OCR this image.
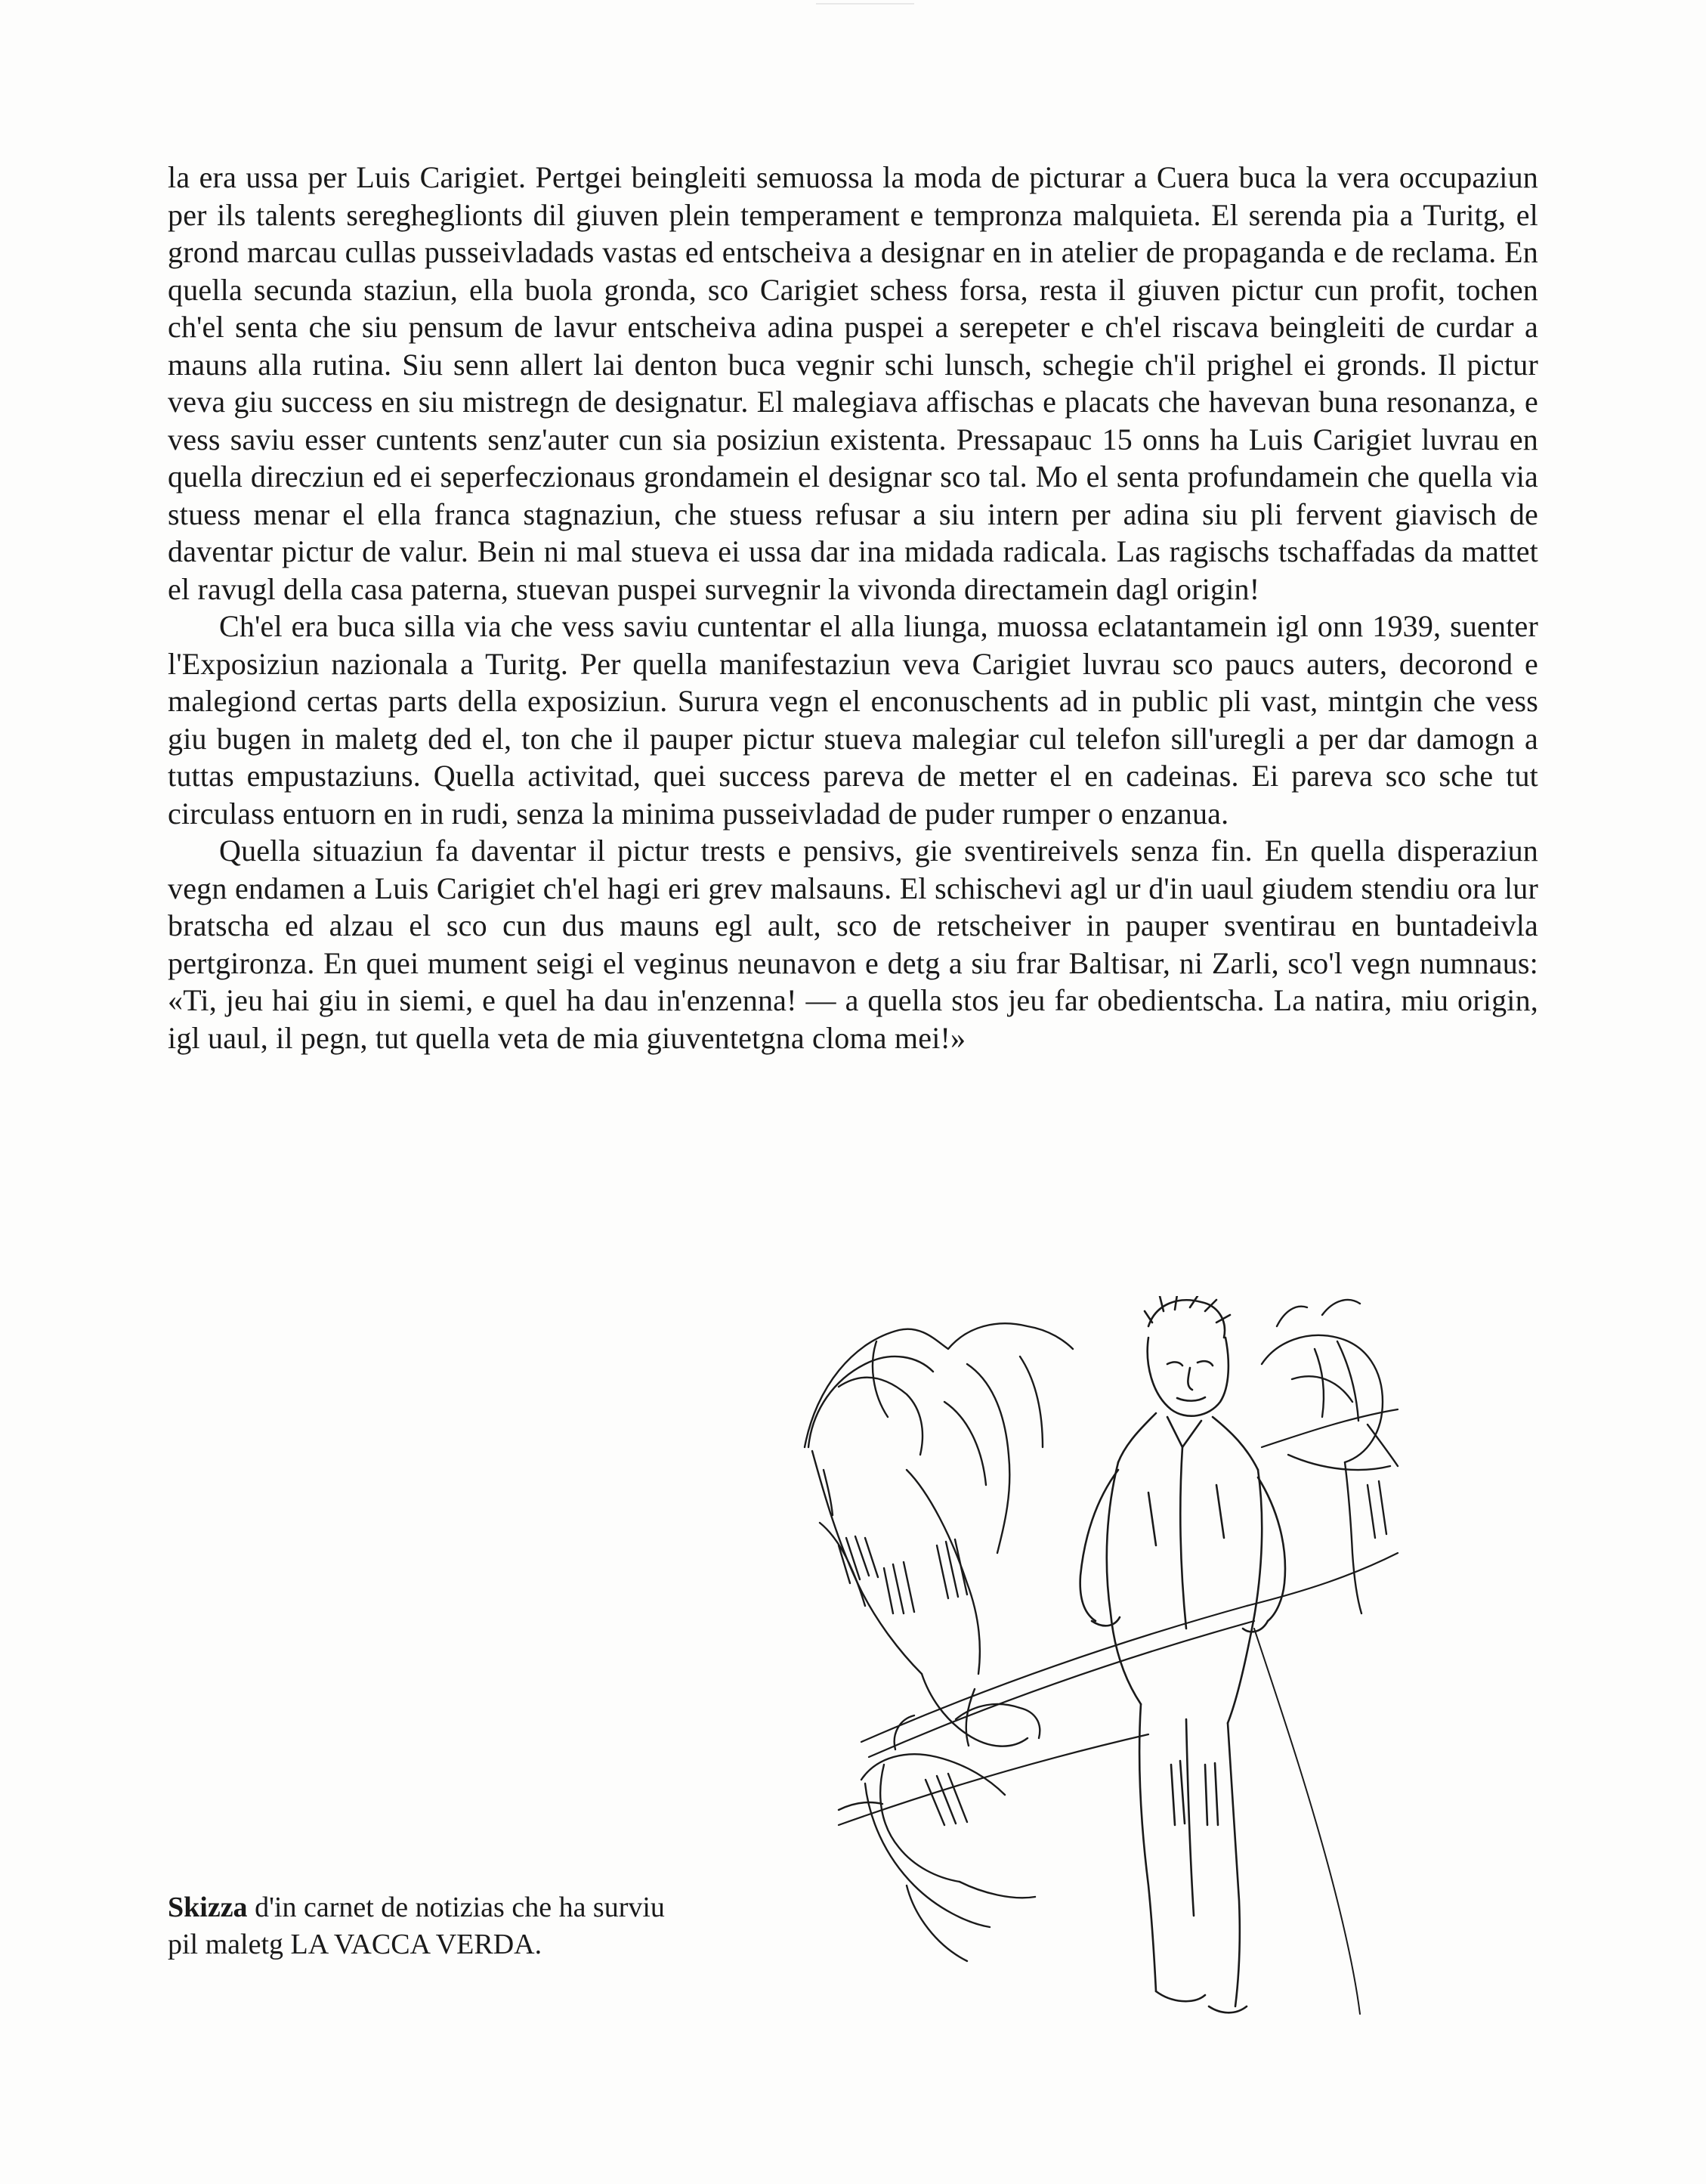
la era ussa per Luis Carigiet. Pertgei beingleiti semuossa la moda de picturar a Cuera buca la vera occupaziun per ils talents seregheglionts dil giuven plein temperament e tempronza malquieta. El serenda pia a Turitg, el grond marcau cullas pusseivladads vastas ed entscheiva a designar en in atelier de propaganda e de reclama. En quella secunda staziun, ella buola gronda, sco Carigiet schess forsa, resta il giuven pictur cun profit, tochen ch'el senta che siu pensum de lavur entscheiva adina puspei a serepeter e ch'el riscava beingleiti de curdar a mauns alla rutina. Siu senn allert lai denton buca vegnir schi lunsch, schegie ch'il prighel ei gronds. Il pictur veva giu success en siu mistregn de designatur. El malegiava affischas e placats che havevan buna resonanza, e vess saviu esser cuntents senz'auter cun sia posiziun existenta. Pressapauc 15 onns ha Luis Carigiet luvrau en quella direcziun ed ei seperfeczionaus grondamein el designar sco tal. Mo el senta profundamein che quella via stuess menar el ella franca stagnaziun, che stuess refusar a siu intern per adina siu pli fervent giavisch de daventar pictur de valur. Bein ni mal stueva ei ussa dar ina midada radicala. Las ragischs tschaffadas da mattet el ravugl della casa paterna, stuevan puspei survegnir la vivonda directamein dagl origin!

Ch'el era buca silla via che vess saviu cuntentar el alla liunga, muossa eclatantamein igl onn 1939, suenter l'Exposiziun nazionala a Turitg. Per quella manifestaziun veva Carigiet luvrau sco paucs auters, decorond e malegiond certas parts della exposiziun. Surura vegn el enconuschents ad in public pli vast, mintgin che vess giu bugen in maletg ded el, ton che il pauper pictur stueva malegiar cul telefon sill'uregli a per dar damogn a tuttas empustaziuns. Quella activitad, quei success pareva de metter el en cadeinas. Ei pareva sco sche tut circulass entuorn en in rudi, senza la minima pusseivladad de puder rumper o enzanua.

Quella situaziun fa daventar il pictur trests e pensivs, gie sventireivels senza fin. En quella disperaziun vegn endamen a Luis Carigiet ch'el hagi eri grev malsauns. El schischevi agl ur d'in uaul giudem stendiu ora lur bratscha ed alzau el sco cun dus mauns egl ault, sco de retscheiver in pauper sventirau en buntadeivla pertgironza. En quei mument seigi el veginus neunavon e detg a siu frar Baltisar, ni Zarli, sco'l vegn numnaus: «Ti, jeu hai giu in siemi, e quel ha dau in'enzenna! — a quella stos jeu far obedientscha. La natira, miu origin, igl uaul, il pegn, tut quella veta de mia giuventetgna cloma mei!»

Skizza d'in carnet de notizias che ha surviu pil maletg LA VACCA VERDA.
